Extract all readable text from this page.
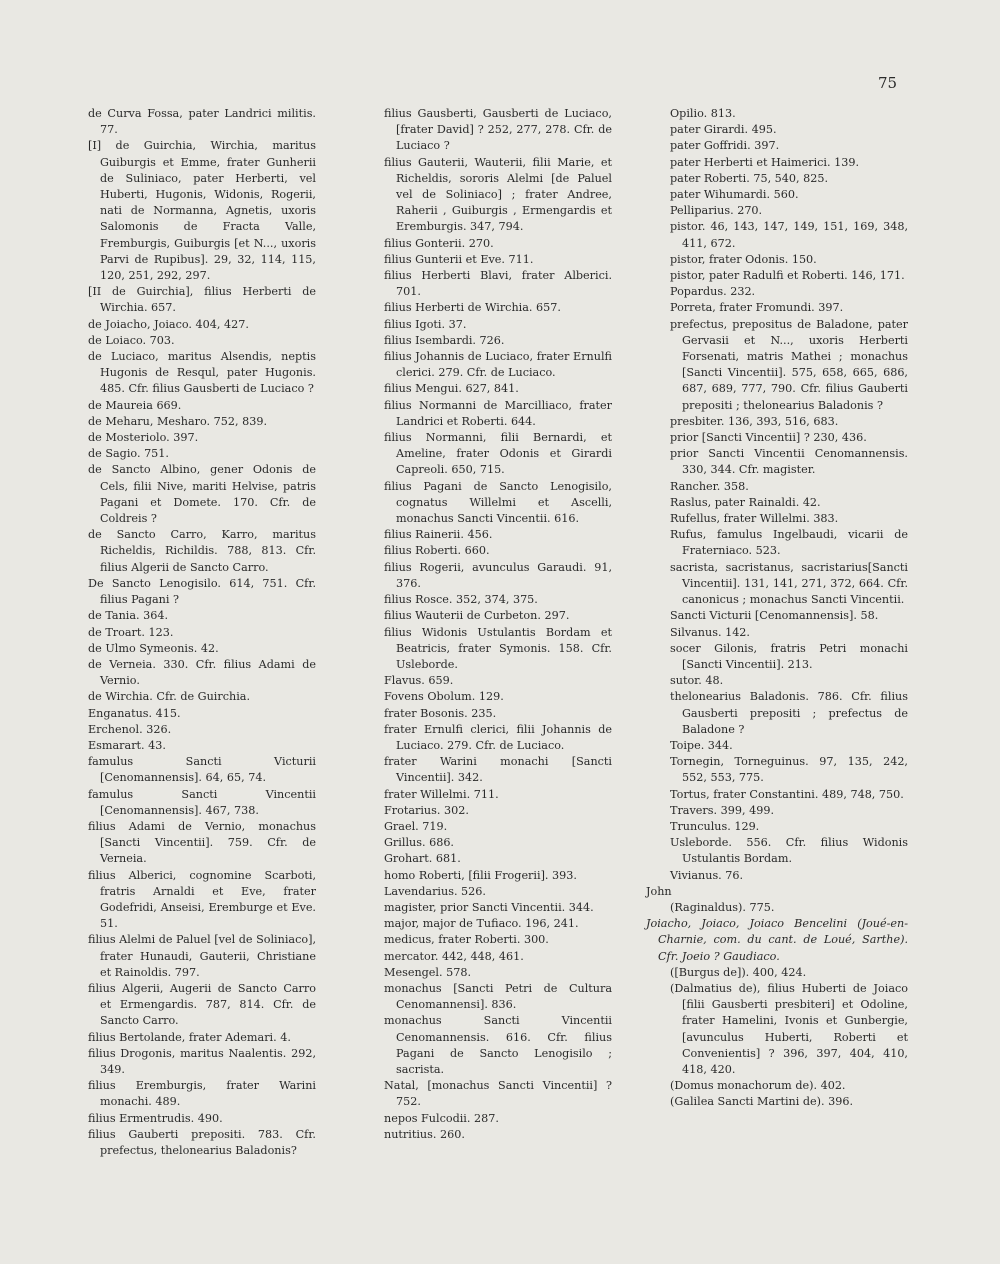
75

de Curva Fossa, pater Landrici militis. 77.

[I] de Guirchia, Wirchia, maritus Guiburgis et Emme, frater Gunherii de Suliniaco, pater Herberti, vel Huberti, Hugonis, Widonis, Rogerii, nati de Normanna, Agnetis, uxoris Salomonis de Fracta Valle, Fremburgis, Guiburgis [et N..., uxoris Parvi de Rupibus]. 29, 32, 114, 115, 120, 251, 292, 297.

[II de Guirchia], filius Herberti de Wirchia. 657.

de Joiacho, Joiaco. 404, 427.

de Loiaco. 703.

de Luciaco, maritus Alsendis, neptis Hugonis de Resqul, pater Hugonis. 485. Cfr. filius Gausberti de Luciaco ?

de Maureia 669.

de Meharu, Mesharo. 752, 839.

de Mosteriolo. 397.

de Sagio. 751.

de Sancto Albino, gener Odonis de Cels, filii Nive, mariti Helvise, patris Pagani et Domete. 170. Cfr. de Coldreis ?

de Sancto Carro, Karro, maritus Richeldis, Richildis. 788, 813. Cfr. filius Algerii de Sancto Carro.

De Sancto Lenogisilo. 614, 751. Cfr. filius Pagani ?

de Tania. 364.

de Troart. 123.

de Ulmo Symeonis. 42.

de Verneia. 330. Cfr. filius Adami de Vernio.

de Wirchia. Cfr. de Guirchia.

Enganatus. 415.

Erchenol. 326.

Esmarart. 43.

famulus Sancti Victurii [Cenomannensis]. 64, 65, 74.

famulus Sancti Vincentii [Cenomannensis]. 467, 738.

filius Adami de Vernio, monachus [Sancti Vincentii]. 759. Cfr. de Verneia.

filius Alberici, cognomine Scarboti, fratris Arnaldi et Eve, frater Godefridi, Anseisi, Eremburge et Eve. 51.

filius Alelmi de Paluel [vel de Soliniaco], frater Hunaudi, Gauterii, Christiane et Rainoldis. 797.

filius Algerii, Augerii de Sancto Carro et Ermengardis. 787, 814. Cfr. de Sancto Carro.

filius Bertolande, frater Ademari. 4.

filius Drogonis, maritus Naalentis. 292, 349.

filius Eremburgis, frater Warini monachi. 489.

filius Ermentrudis. 490.

filius Gauberti prepositi. 783. Cfr. prefectus, thelonearius Baladonis?

filius Gausberti, Gausberti de Luciaco, [frater David] ? 252, 277, 278. Cfr. de Luciaco ?

filius Gauterii, Wauterii, filii Marie, et Richeldis, sororis Alelmi [de Paluel vel de Soliniaco] ; frater Andree, Raherii , Guiburgis , Ermengardis et Eremburgis. 347, 794.

filius Gonterii. 270.

filius Gunterii et Eve. 711.

filius Herberti Blavi, frater Alberici. 701.

filius Herberti de Wirchia. 657.

filius Igoti. 37.

filius Isembardi. 726.

filius Johannis de Luciaco, frater Ernulfi clerici. 279. Cfr. de Luciaco.

filius Mengui. 627, 841.

filius Normanni de Marcilliaco, frater Landrici et Roberti. 644.

filius Normanni, filii Bernardi, et Ameline, frater Odonis et Girardi Capreoli. 650, 715.

filius Pagani de Sancto Lenogisilo, cognatus Willelmi et Ascelli, monachus Sancti Vincentii. 616.

filius Rainerii. 456.

filius Roberti. 660.

filius Rogerii, avunculus Garaudi. 91, 376.

filius Rosce. 352, 374, 375.

filius Wauterii de Curbeton. 297.

filius Widonis Ustulantis Bordam et Beatricis, frater Symonis. 158. Cfr. Usleborde.

Flavus. 659.

Fovens Obolum. 129.

frater Bosonis. 235.

frater Ernulfi clerici, filii Johannis de Luciaco. 279. Cfr. de Luciaco.

frater Warini monachi [Sancti Vincentii]. 342.

frater Willelmi. 711.

Frotarius. 302.

Grael. 719.

Grillus. 686.

Grohart. 681.

homo Roberti, [filii Frogerii]. 393.

Lavendarius. 526.

magister, prior Sancti Vincentii. 344.

major, major de Tufiaco. 196, 241.

medicus, frater Roberti. 300.

mercator. 442, 448, 461.

Mesengel. 578.

monachus [Sancti Petri de Cultura Cenomannensi]. 836.

monachus Sancti Vincentii Cenomannensis. 616. Cfr. filius Pagani de Sancto Lenogisilo ; sacrista.

Natal, [monachus Sancti Vincentii] ? 752.

nepos Fulcodii. 287.

nutritius. 260.

Opilio. 813.

pater Girardi. 495.

pater Goffridi. 397.

pater Herberti et Haimerici. 139.

pater Roberti. 75, 540, 825.

pater Wihumardi. 560.

Pelliparius. 270.

pistor. 46, 143, 147, 149, 151, 169, 348, 411, 672.

pistor, frater Odonis. 150.

pistor, pater Radulfi et Roberti. 146, 171.

Popardus. 232.

Porreta, frater Fromundi. 397.

prefectus, prepositus de Baladone, pater Gervasii et N..., uxoris Herberti Forsenati, matris Mathei ; monachus [Sancti Vincentii]. 575, 658, 665, 686, 687, 689, 777, 790. Cfr. filius Gauberti prepositi ; thelonearius Baladonis ?

presbiter. 136, 393, 516, 683.

prior [Sancti Vincentii] ? 230, 436.

prior Sancti Vincentii Cenomannensis. 330, 344. Cfr. magister.

Rancher. 358.

Raslus, pater Rainaldi. 42.

Rufellus, frater Willelmi. 383.

Rufus, famulus Ingelbaudi, vicarii de Fraterniaco. 523.

sacrista, sacristanus, sacristarius[Sancti Vincentii]. 131, 141, 271, 372, 664. Cfr. canonicus ; monachus Sancti Vincentii.

Sancti Victurii [Cenomannensis]. 58.

Silvanus. 142.

socer Gilonis, fratris Petri monachi [Sancti Vincentii]. 213.

sutor. 48.

thelonearius Baladonis. 786. Cfr. filius Gausberti prepositi ; prefectus de Baladone ?

Toipe. 344.

Tornegin, Torneguinus. 97, 135, 242, 552, 553, 775.

Tortus, frater Constantini. 489, 748, 750.

Travers. 399, 499.

Trunculus. 129.

Usleborde. 556. Cfr. filius Widonis Ustulantis Bordam.

Vivianus. 76.

John

(Raginaldus). 775.

Joiacho, Joiaco, Joiaco Bencelini (Joué-en-Charnie, com. du cant. de Loué, Sarthe). Cfr. Joeio ? Gaudiaco.

([Burgus de]). 400, 424.

(Dalmatius de), filius Huberti de Joiaco [filii Gausberti presbiteri] et Odoline, frater Hamelini, Ivonis et Gunbergie, [avunculus Huberti, Roberti et Convenientis] ? 396, 397, 404, 410, 418, 420.

(Domus monachorum de). 402.

(Galilea Sancti Martini de). 396.
